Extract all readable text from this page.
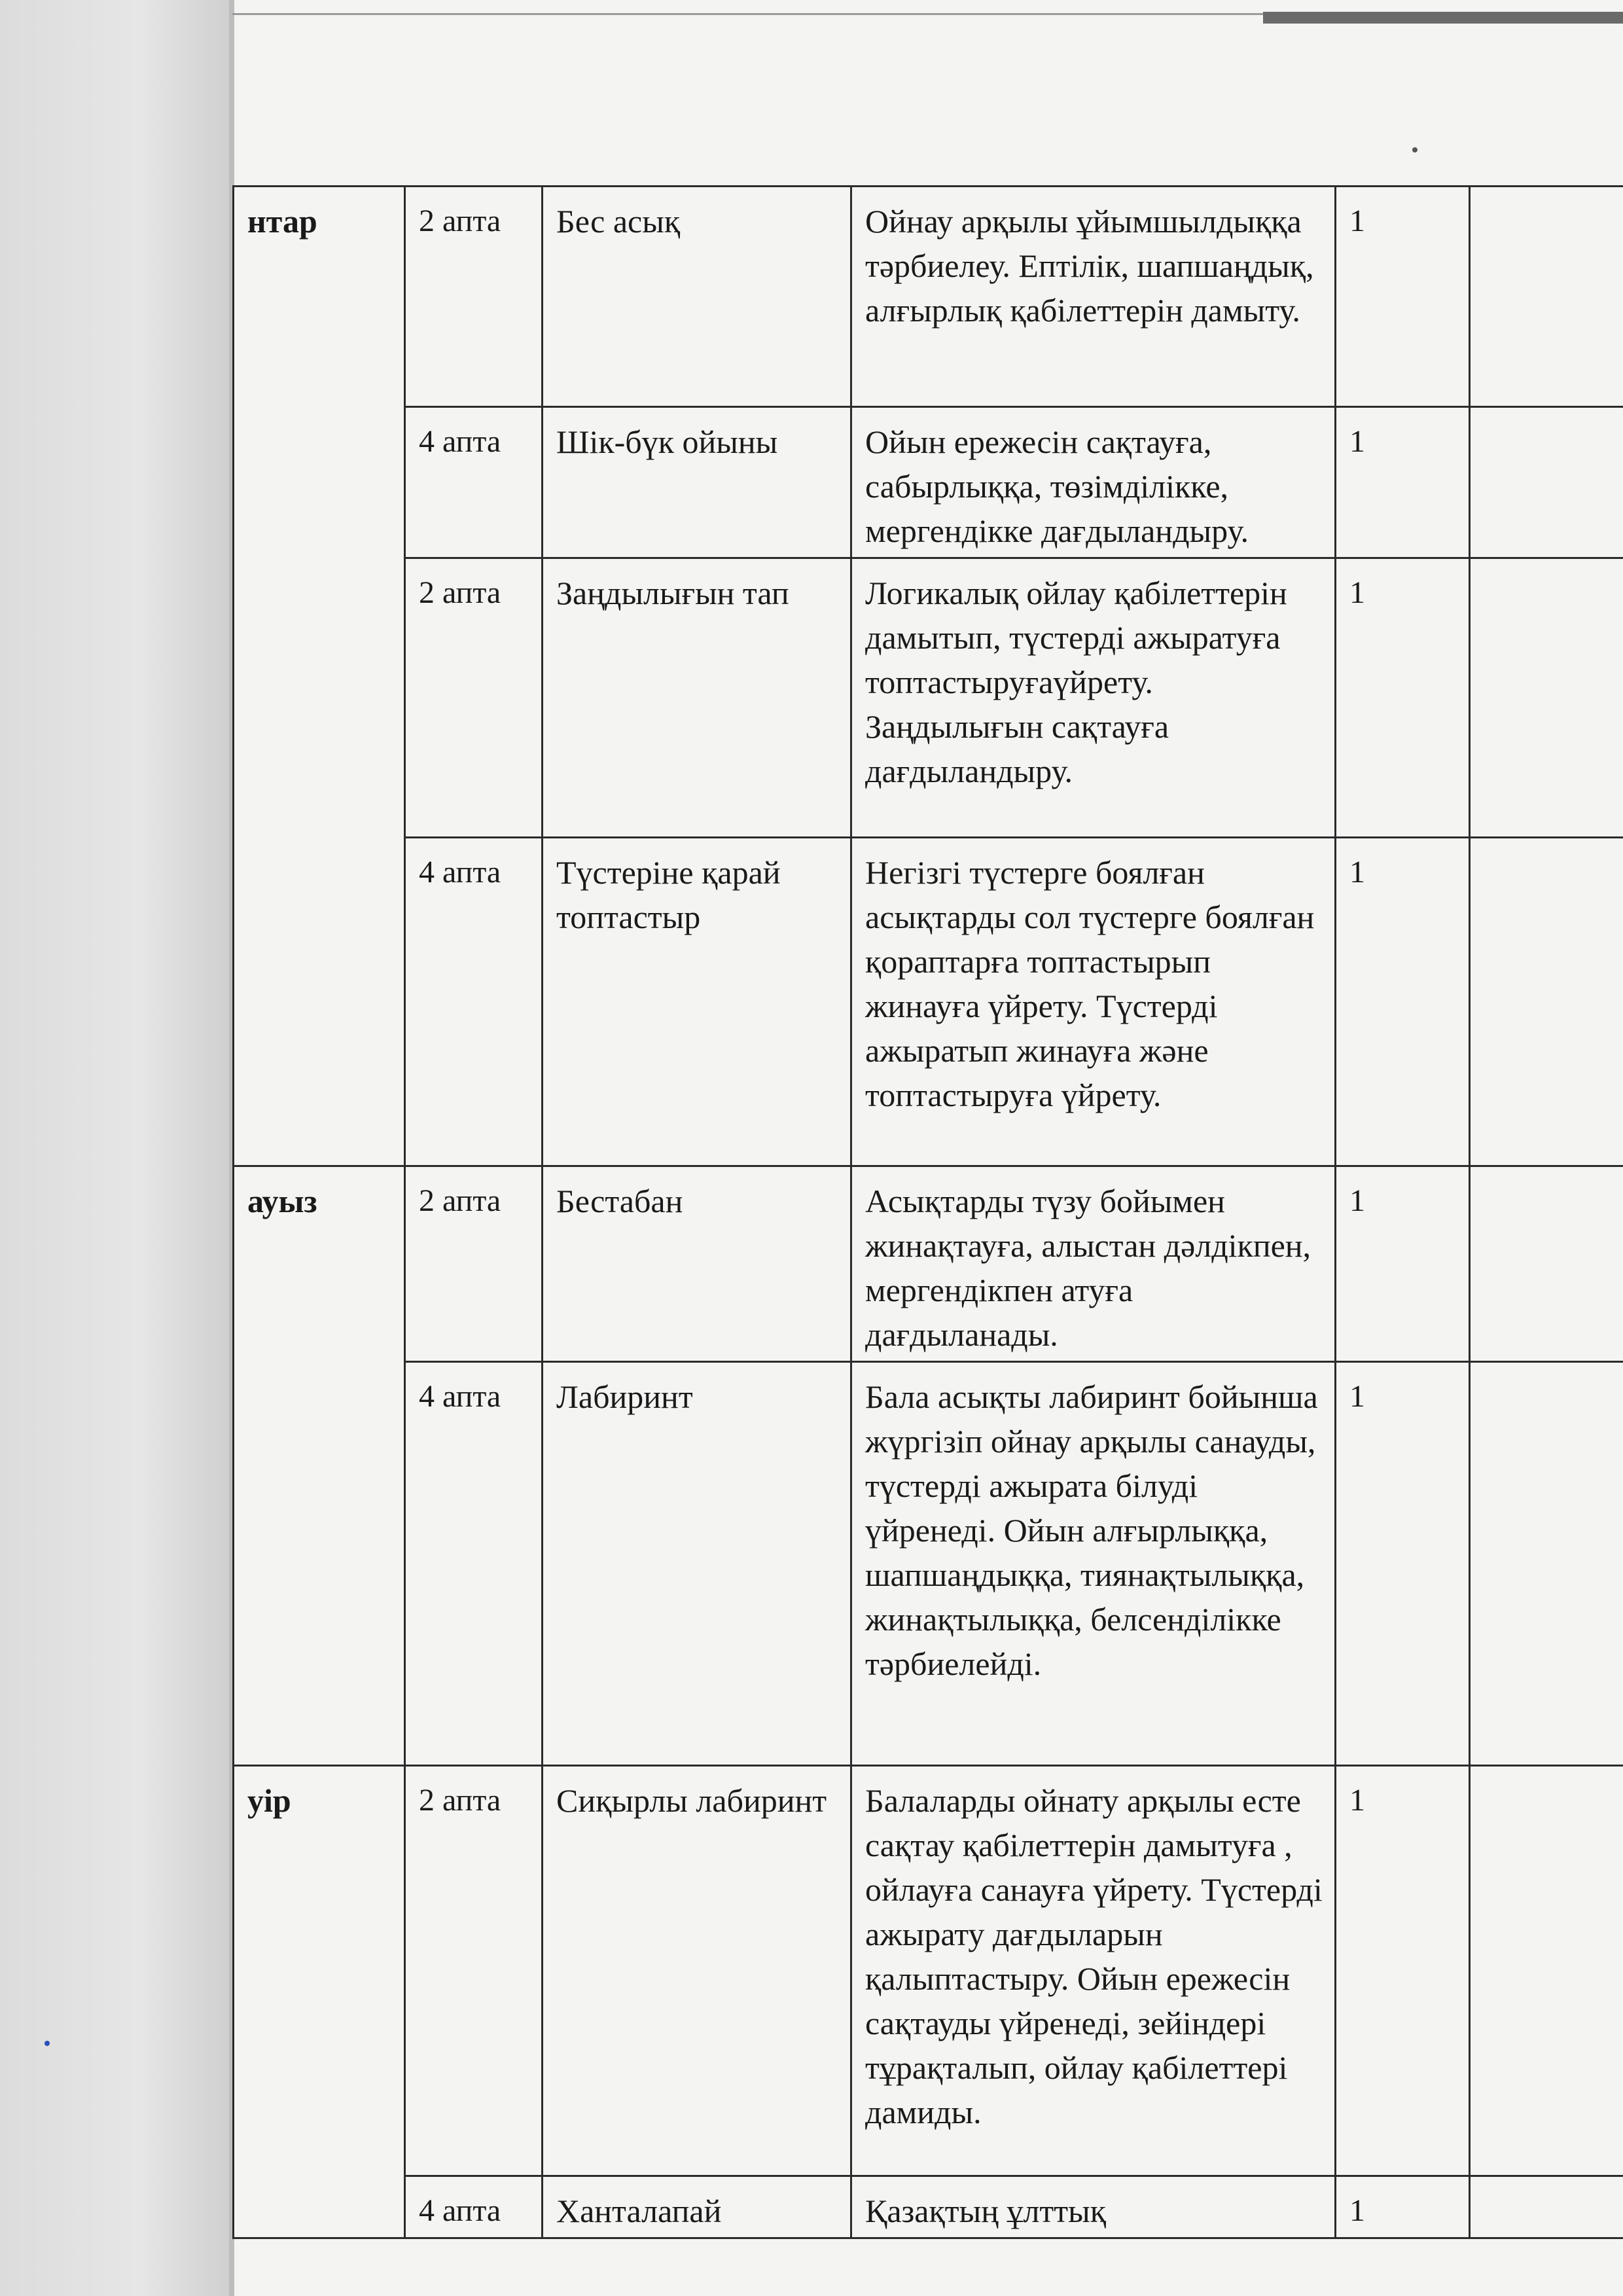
нтар	2 апта	Бес асық	Ойнау арқылы ұйымшылдыққа тәрбиелеу. Ептілік, шапшаңдық, алғырлық қабілеттерін дамыту.	1	
	4 апта	Шік-бүк ойыны	Ойын ережесін сақтауға, сабырлыққа, төзімділікке, мергендікке дағдыландыру.	1	
	2 апта	Заңдылығын тап	Логикалық ойлау қабілеттерін дамытып, түстерді ажыратуға топтастыруғаүйрету. Заңдылығын сақтауға дағдыландыру.	1	
	4 апта	Түстеріне қарай топтастыр	Негізгі түстерге боялған асықтарды сол түстерге боялған қораптарға топтастырып жинауға үйрету. Түстерді ажыратып жинауға және топтастыруға үйрету.	1	
ауыз	2 апта	Бестабан	Асықтарды түзу бойымен жинақтауға, алыстан дәлдікпен, мергендікпен атуға дағдыланады.	1	
	4 апта	Лабиринт	Бала асықты лабиринт бойынша жүргізіп ойнау арқылы санауды, түстерді ажырата білуді үйренеді. Ойын алғырлыққа, шапшаңдыққа, тиянақтылыққа, жинақтылыққа, белсенділікке тәрбиелейді.	1	
уір	2 апта	Сиқырлы лабиринт	Балаларды ойнату арқылы есте сақтау қабілеттерін дамытуға , ойлауға санауға үйрету. Түстерді ажырату дағдыларын қалыптастыру. Ойын ережесін сақтауды үйренеді, зейіндері тұрақталып, ойлау қабілеттері дамиды.	1	
	4 апта	Ханталапай	Қазақтың ұлттық	1	
